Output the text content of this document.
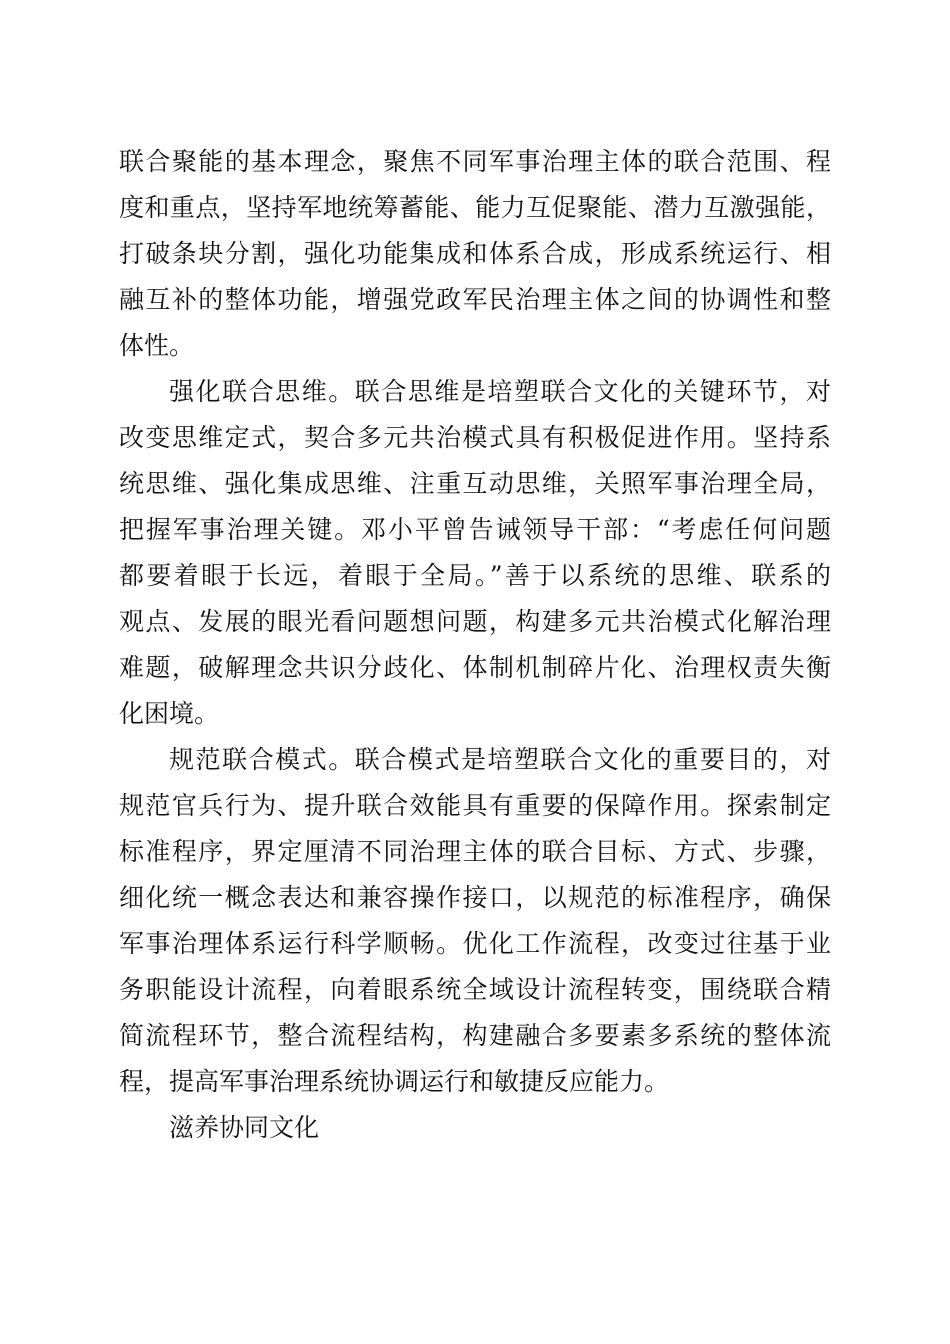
联合聚能的基本理念，聚焦不同军事治理主体的联合范围、程
度和重点，坚持军地统筹蓄能、能力互促聚能、潜力互激强能，
打破条块分割，强化功能集成和体系合成，形成系统运行、相
融互补的整体功能，增强党政军民治理主体之间的协调性和整
体性。
强化联合思维。联合思维是培塑联合文化的关键环节，对
改变思维定式，契合多元共治模式具有积极促进作用。坚持系
统思维、强化集成思维、注重互动思维，关照军事治理全局，
把握军事治理关键。邓小平曾告诫领导干部：“考虑任何问题
都要着眼于长远，着眼于全局。”善于以系统的思维、联系的
观点、发展的眼光看问题想问题，构建多元共治模式化解治理
难题，破解理念共识分歧化、体制机制碎片化、治理权责失衡
化困境。
规范联合模式。联合模式是培塑联合文化的重要目的，对
规范官兵行为、提升联合效能具有重要的保障作用。探索制定
标准程序，界定厘清不同治理主体的联合目标、方式、步骤，
细化统一概念表达和兼容操作接口，以规范的标准程序，确保
军事治理体系运行科学顺畅。优化工作流程，改变过往基于业
务职能设计流程，向着眼系统全域设计流程转变，围绕联合精
简流程环节，整合流程结构，构建融合多要素多系统的整体流
程，提高军事治理系统协调运行和敏捷反应能力。
滋养协同文化
